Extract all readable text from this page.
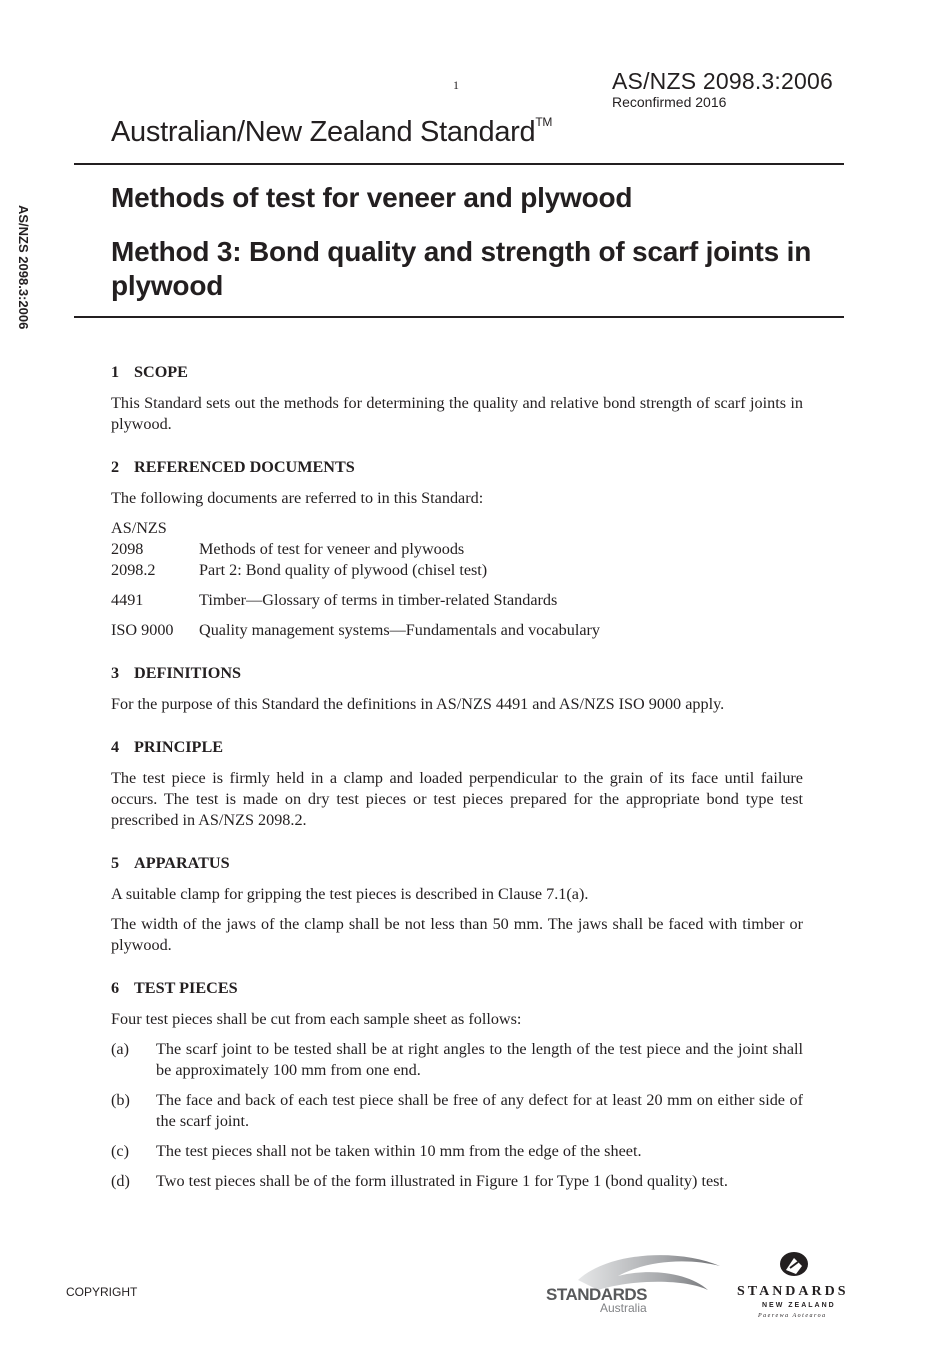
1	AS/NZS 2098.3:2006
Reconfirmed 2016
Australian/New Zealand Standard™
Methods of test for veneer and plywood
Method 3: Bond quality and strength of scarf joints in plywood
AS/NZS 2098.3:2006
1 SCOPE

This Standard sets out the methods for determining the quality and relative bond strength of scarf joints in plywood.

2 REFERENCED DOCUMENTS

The following documents are referred to in this Standard:

AS/NZS
2098	Methods of test for veneer and plywoods
2098.2	Part 2: Bond quality of plywood (chisel test)
4491	Timber—Glossary of terms in timber-related Standards
ISO 9000	Quality management systems—Fundamentals and vocabulary
3 DEFINITIONS

For the purpose of this Standard the definitions in AS/NZS 4491 and AS/NZS ISO 9000 apply.

4 PRINCIPLE

The test piece is firmly held in a clamp and loaded perpendicular to the grain of its face until failure occurs. The test is made on dry test pieces or test pieces prepared for the appropriate bond type test prescribed in AS/NZS 2098.2.

5 APPARATUS

A suitable clamp for gripping the test pieces is described in Clause 7.1(a).

The width of the jaws of the clamp shall be not less than 50 mm. The jaws shall be faced with timber or plywood.

6 TEST PIECES

Four test pieces shall be cut from each sample sheet as follows:

(a)	The scarf joint to be tested shall be at right angles to the length of the test piece and the joint shall be approximately 100 mm from one end.
(b)	The face and back of each test piece shall be free of any defect for at least 20 mm on either side of the scarf joint.
(c)	The test pieces shall not be taken within 10 mm from the edge of the sheet.
(d)	Two test pieces shall be of the form illustrated in Figure 1 for Type 1 (bond quality) test.
COPYRIGHT	STANDARDS
Australia
STANDARDS
NEW ZEALAND
Paerewa Aotearoa
